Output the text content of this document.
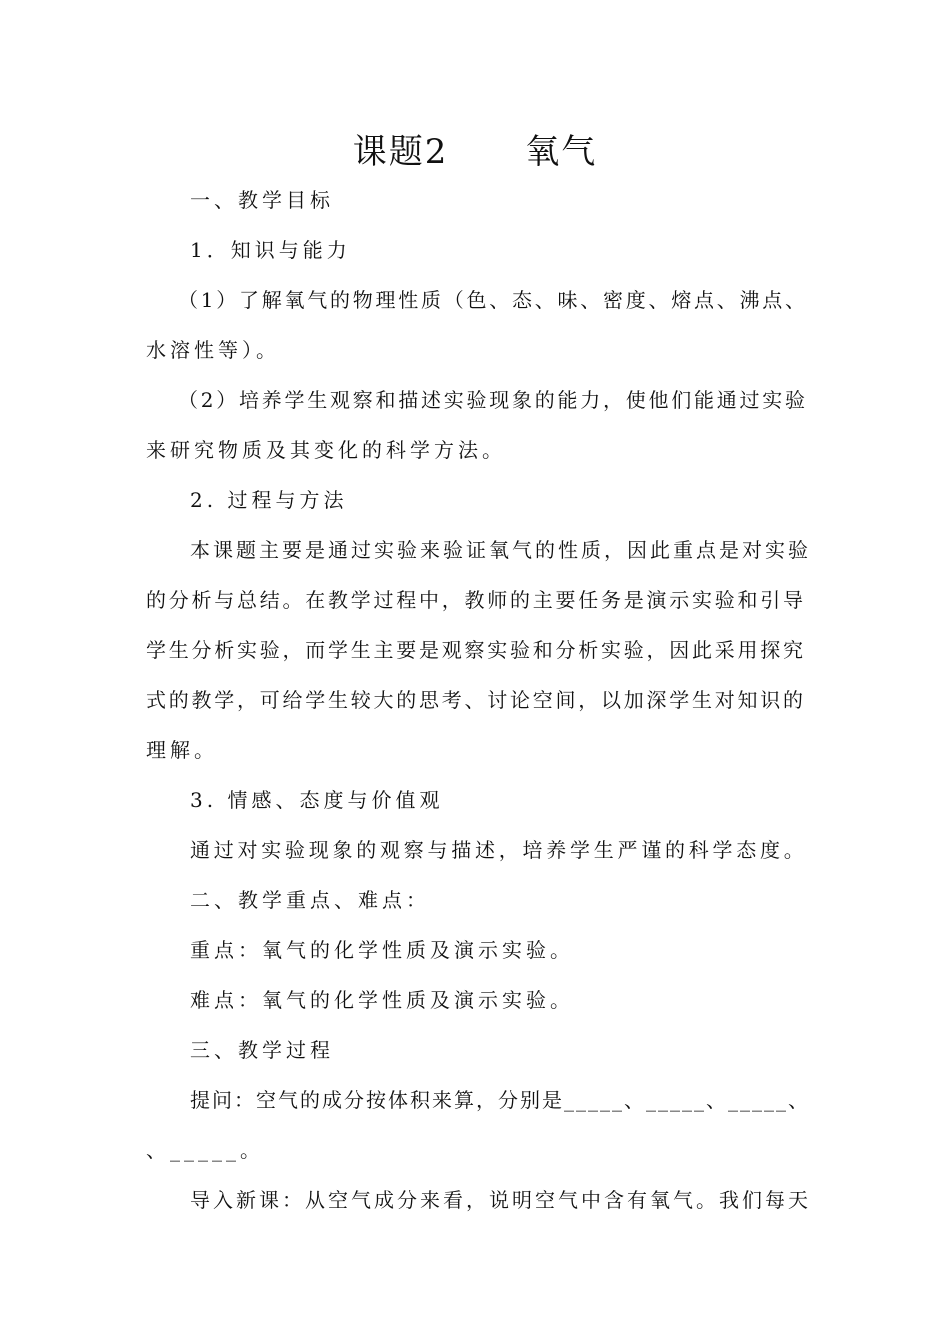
课题2      氧气
一、教学目标
1．知识与能力
（1）了解氧气的物理性质（色、态、味、密度、熔点、沸点、
水溶性等）。
（2）培养学生观察和描述实验现象的能力，使他们能通过实验
来研究物质及其变化的科学方法。
2. 过程与方法
本课题主要是通过实验来验证氧气的性质，因此重点是对实验
的分析与总结。在教学过程中，教师的主要任务是演示实验和引导
学生分析实验，而学生主要是观察实验和分析实验，因此采用探究
式的教学，可给学生较大的思考、讨论空间，以加深学生对知识的
理解。
3. 情感、态度与价值观
通过对实验现象的观察与描述，培养学生严谨的科学态度。
二、教学重点、难点：
重点：氧气的化学性质及演示实验。
难点：氧气的化学性质及演示实验。
三、教学过程
提问：空气的成分按体积来算，分别是_____、_____、_____、
、_____。
导入新课：从空气成分来看，说明空气中含有氧气。我们每天
